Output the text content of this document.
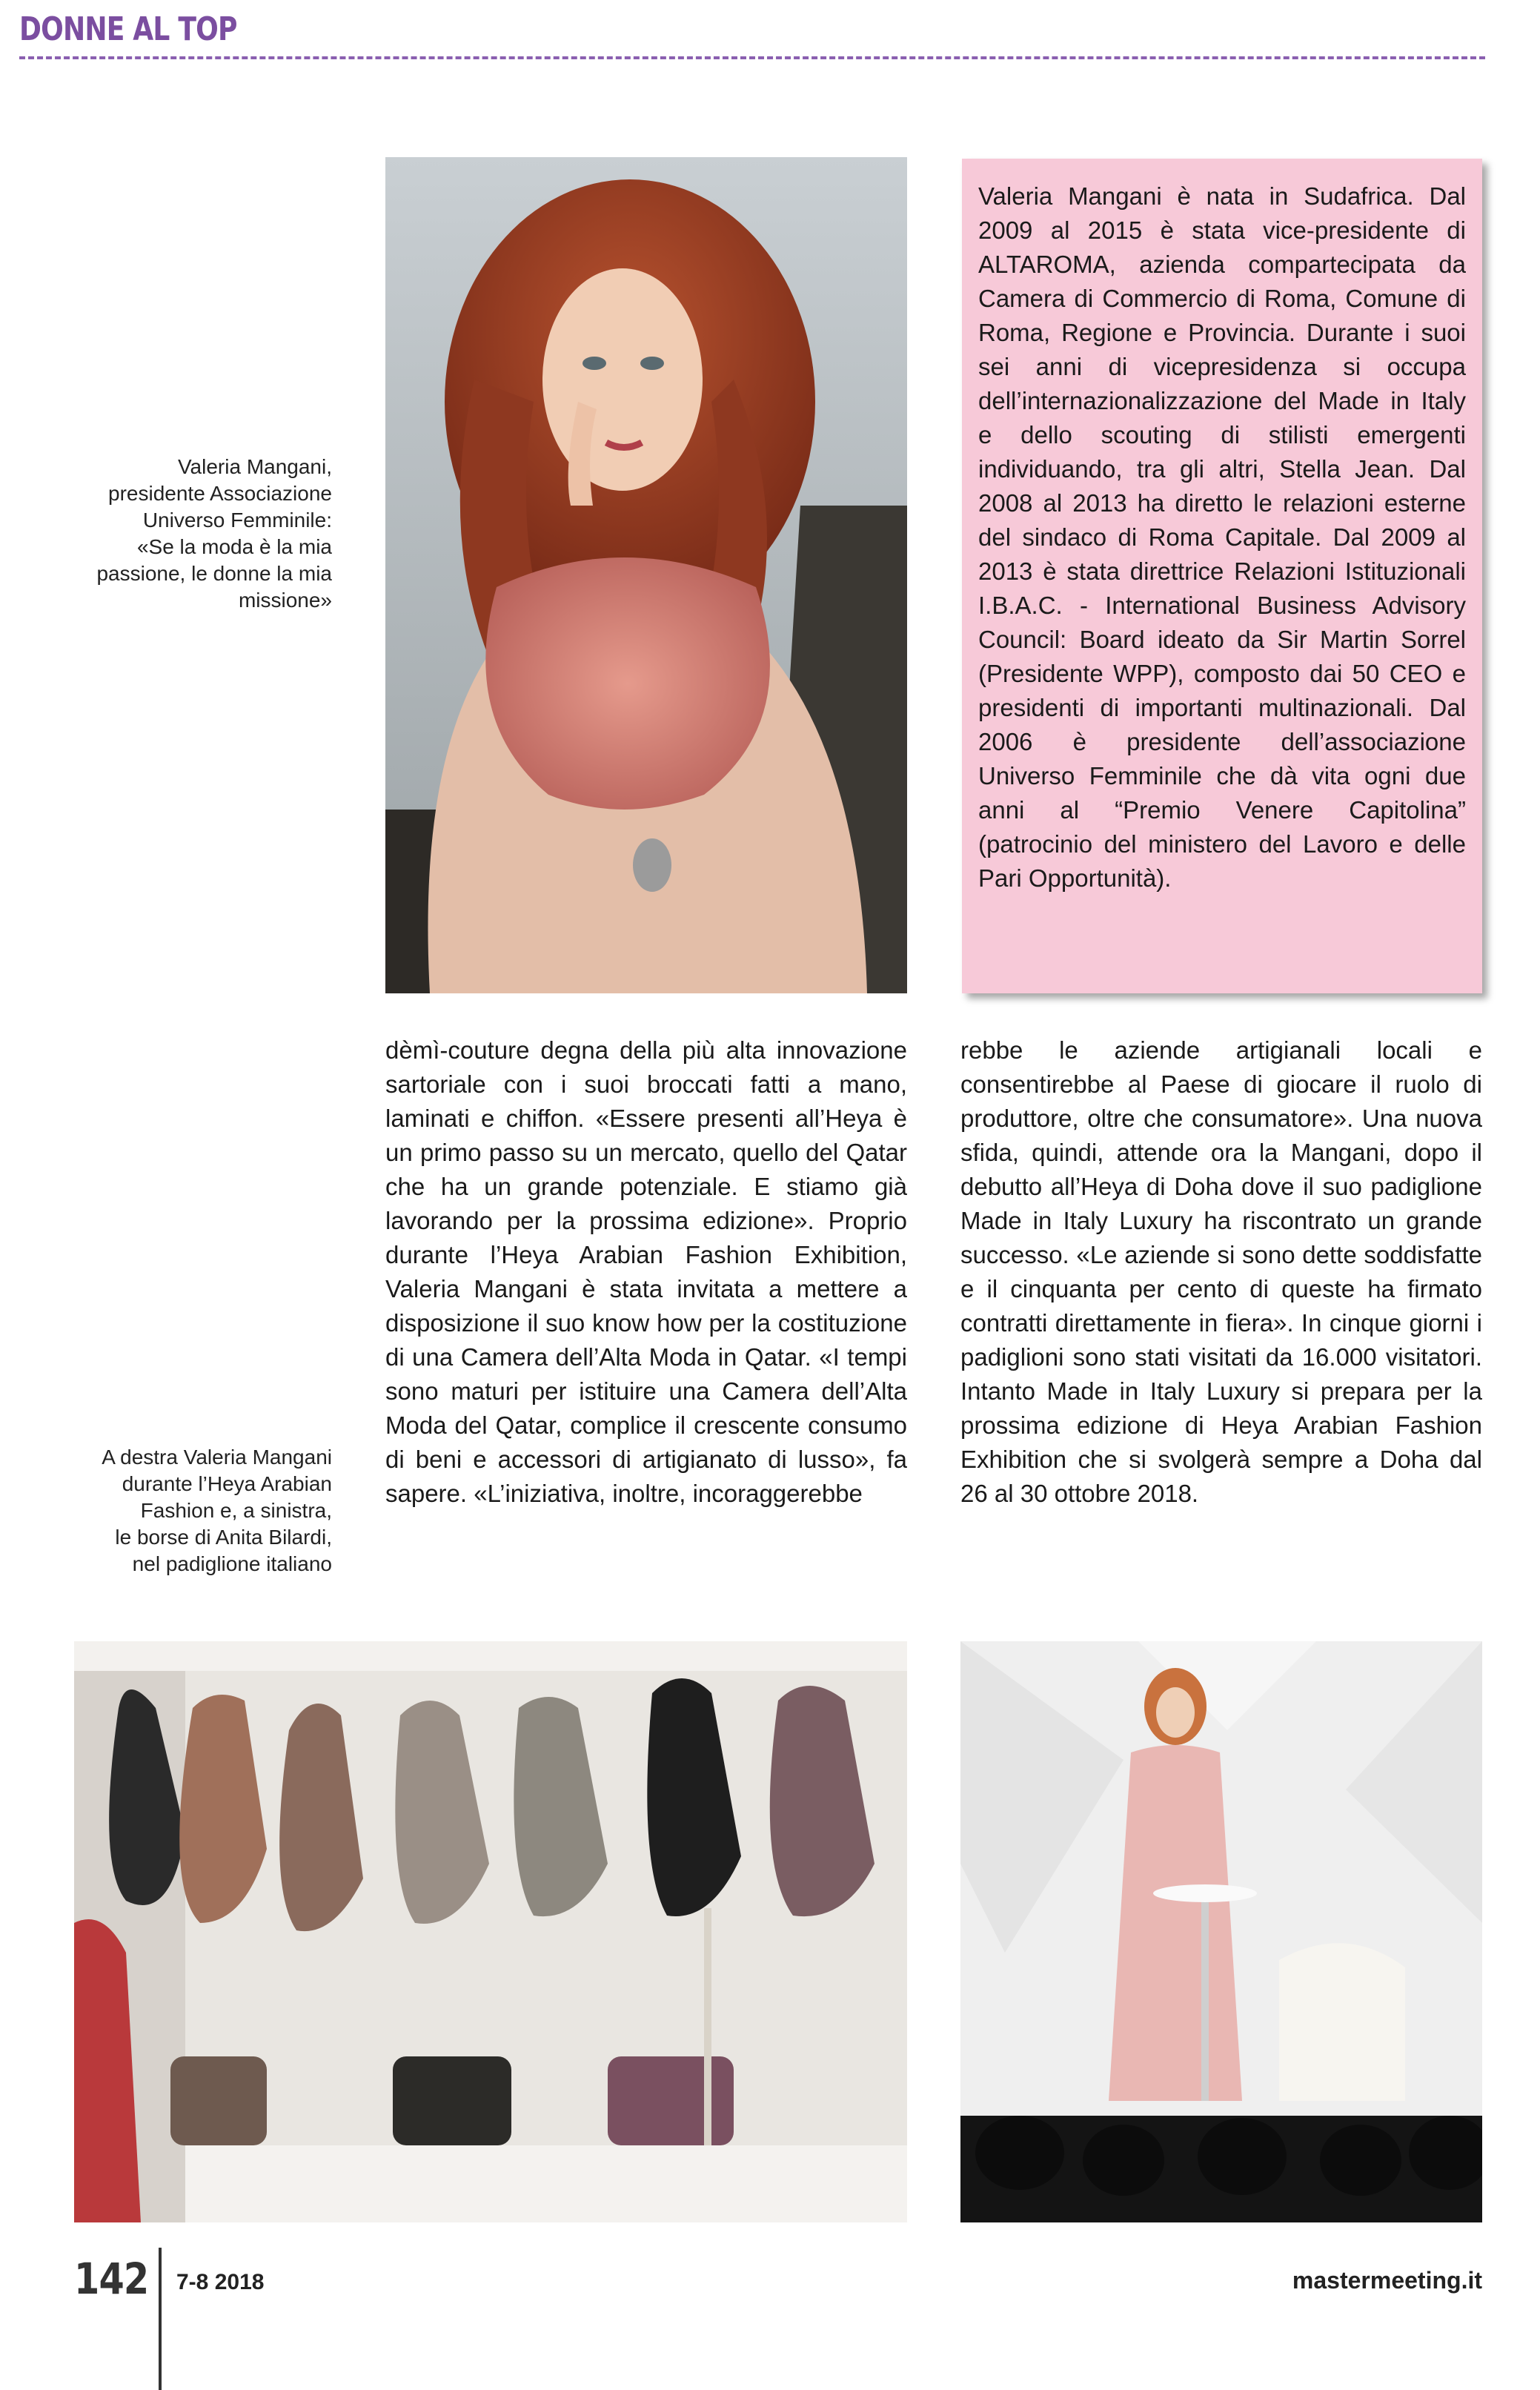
DONNE AL TOP

Valeria Mangani,

presidente Associazione

Universo Femminile:

«Se la moda è la mia

passione, le donne la mia

missione»

A destra Valeria Mangani

durante l’Heya Arabian

Fashion e, a sinistra,

le borse di Anita Bilardi,

nel padiglione italiano

Valeria Mangani è nata in Sudafrica. Dal 2009 al 2015 è stata vice-presidente di ALTAROMA, azienda compartecipata da Camera di Commercio di Roma, Comune di Roma, Regione e Provincia. Durante i suoi sei anni di vicepresidenza si occupa dell’internazionalizzazione del Made in Italy e dello scouting di stilisti emergenti individuando, tra gli altri, Stella Jean. Dal 2008 al 2013 ha diretto le relazioni esterne del sindaco di Roma Capitale. Dal 2009 al 2013 è stata direttrice Relazioni Istituzionali I.B.A.C. - International Business Advisory Council: Board ideato da Sir Martin Sorrel (Presidente WPP), composto dai 50 CEO e presidenti di importanti multinazionali. Dal 2006 è presidente dell’associazione Universo Femminile che dà vita ogni due anni al “Premio Venere Capitolina” (patrocinio del ministero del Lavoro e delle Pari Opportunità).

dèmì-couture degna della più alta innovazione sartoriale con i suoi broccati fatti a mano, laminati e chiffon. «Essere presenti all’Heya è un primo passo su un mercato, quello del Qatar che ha un grande potenziale. E stiamo già lavorando per la prossima edizione». Proprio durante l’Heya Arabian Fashion Exhibition, Valeria Mangani è stata invitata a mettere a disposizione il suo know how per la costituzione di una Camera dell’Alta Moda in Qatar. «I tempi sono maturi per istituire una Camera dell’Alta Moda del Qatar, complice il crescente consumo di beni e accessori di artigianato di lusso», fa sapere. «L’iniziativa, inoltre, incoraggerebbe

rebbe le aziende artigianali locali e consentirebbe al Paese di giocare il ruolo di produttore, oltre che consumatore». Una nuova sfida, quindi, attende ora la Mangani, dopo il debutto all’Heya di Doha dove il suo padiglione Made in Italy Luxury ha riscontrato un grande successo. «Le aziende si sono dette soddisfatte e il cinquanta per cento di queste ha firmato contratti direttamente in fiera». In cinque giorni i padiglioni sono stati visitati da 16.000 visitatori. Intanto Made in Italy Luxury si prepara per la prossima edizione di Heya Arabian Fashion Exhibition che si svolgerà sempre a Doha dal 26 al 30 ottobre 2018.

142 7-8 2018	mastermeeting.it
